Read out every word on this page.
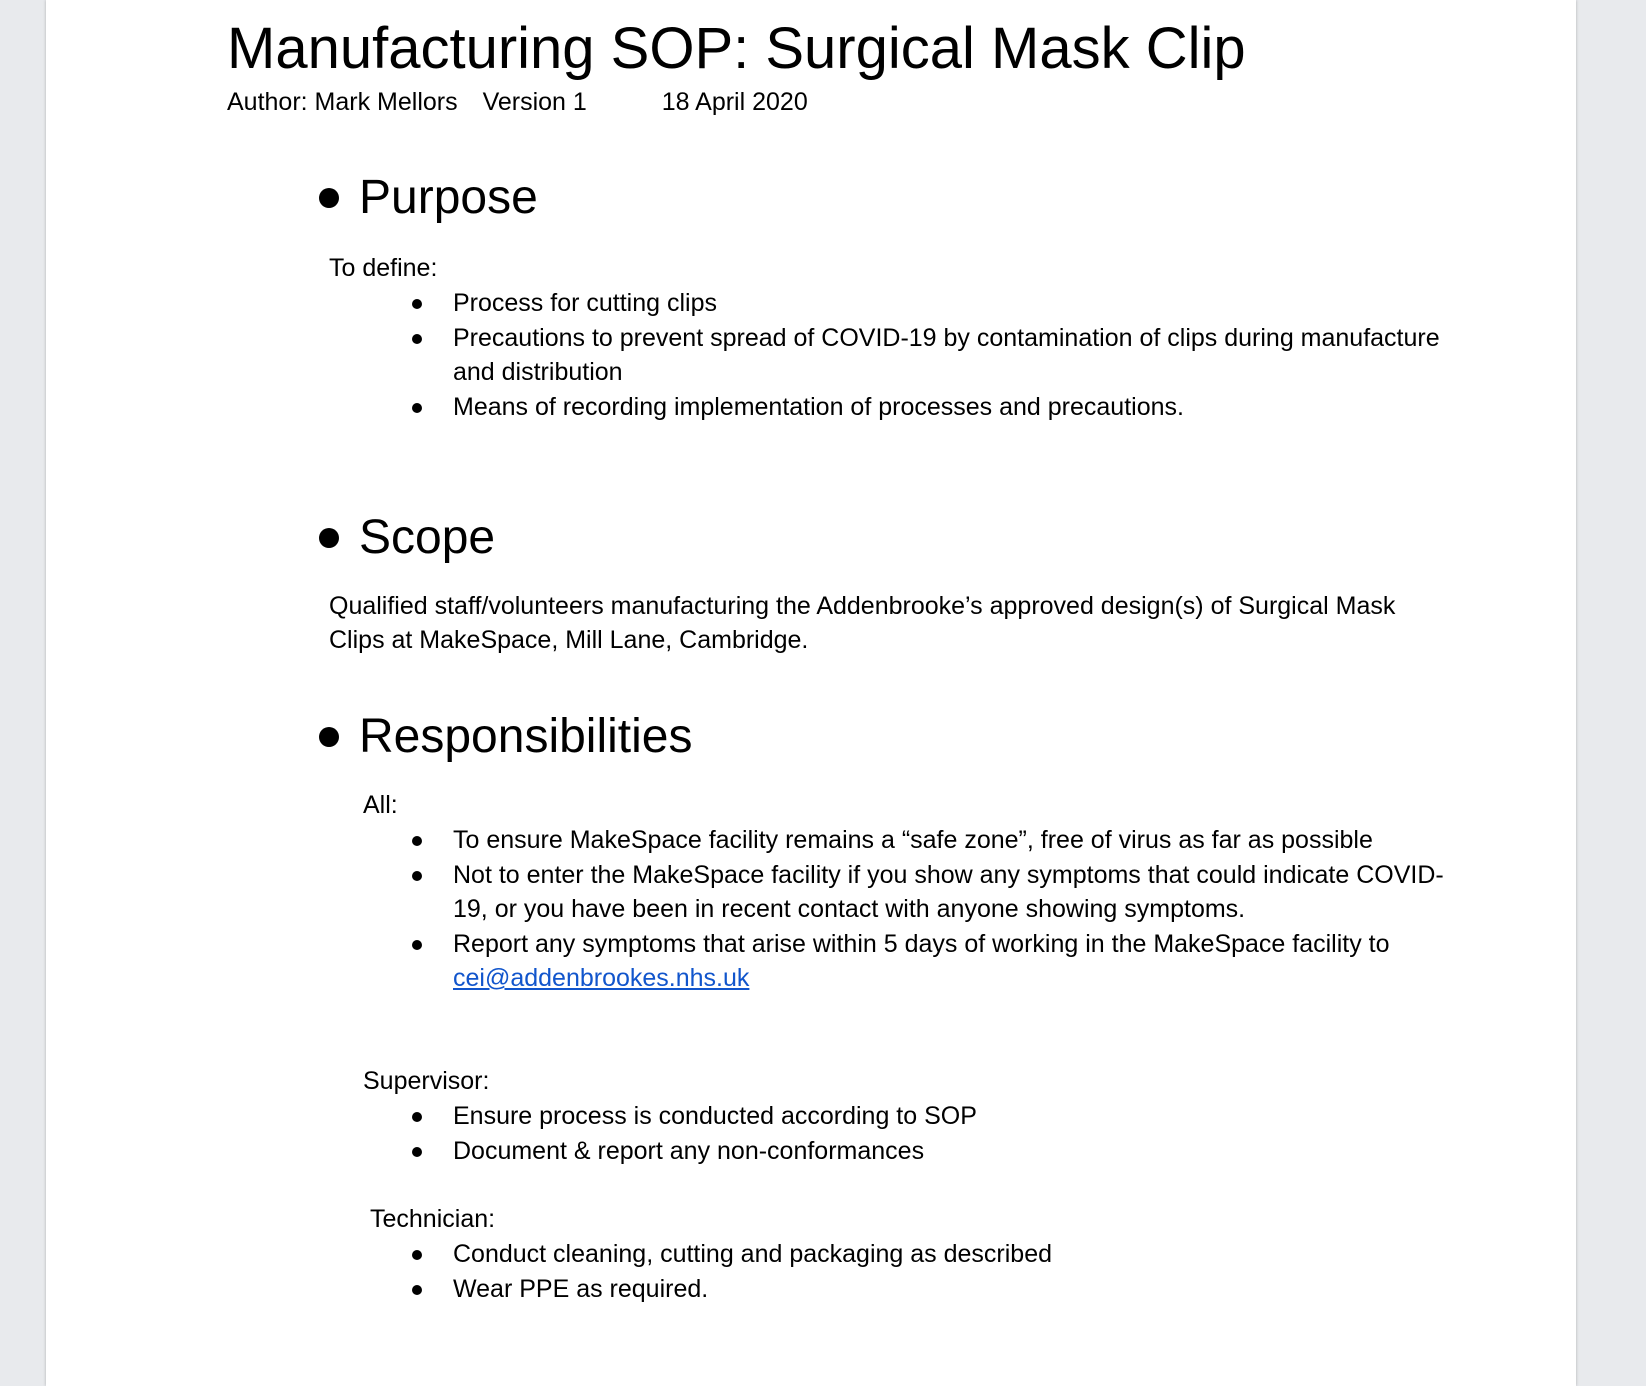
Manufacturing SOP: Surgical Mask Clip
Author: Mark Mellors Version 1	18 April 2020
Purpose
To define:
Process for cutting clips
Precautions to prevent spread of COVID-19 by contamination of clips during manufacture and distribution
Means of recording implementation of processes and precautions.
Scope
Qualified staff/volunteers manufacturing the Addenbrooke’s approved design(s) of Surgical Mask Clips at MakeSpace, Mill Lane, Cambridge.
Responsibilities
All:
To ensure MakeSpace facility remains a “safe zone”, free of virus as far as possible
Not to enter the MakeSpace facility if you show any symptoms that could indicate COVID-19, or you have been in recent contact with anyone showing symptoms.
Report any symptoms that arise within 5 days of working in the MakeSpace facility to cei@addenbrookes.nhs.uk
Supervisor:
Ensure process is conducted according to SOP
Document & report any non-conformances
Technician:
Conduct cleaning, cutting and packaging as described
Wear PPE as required.
